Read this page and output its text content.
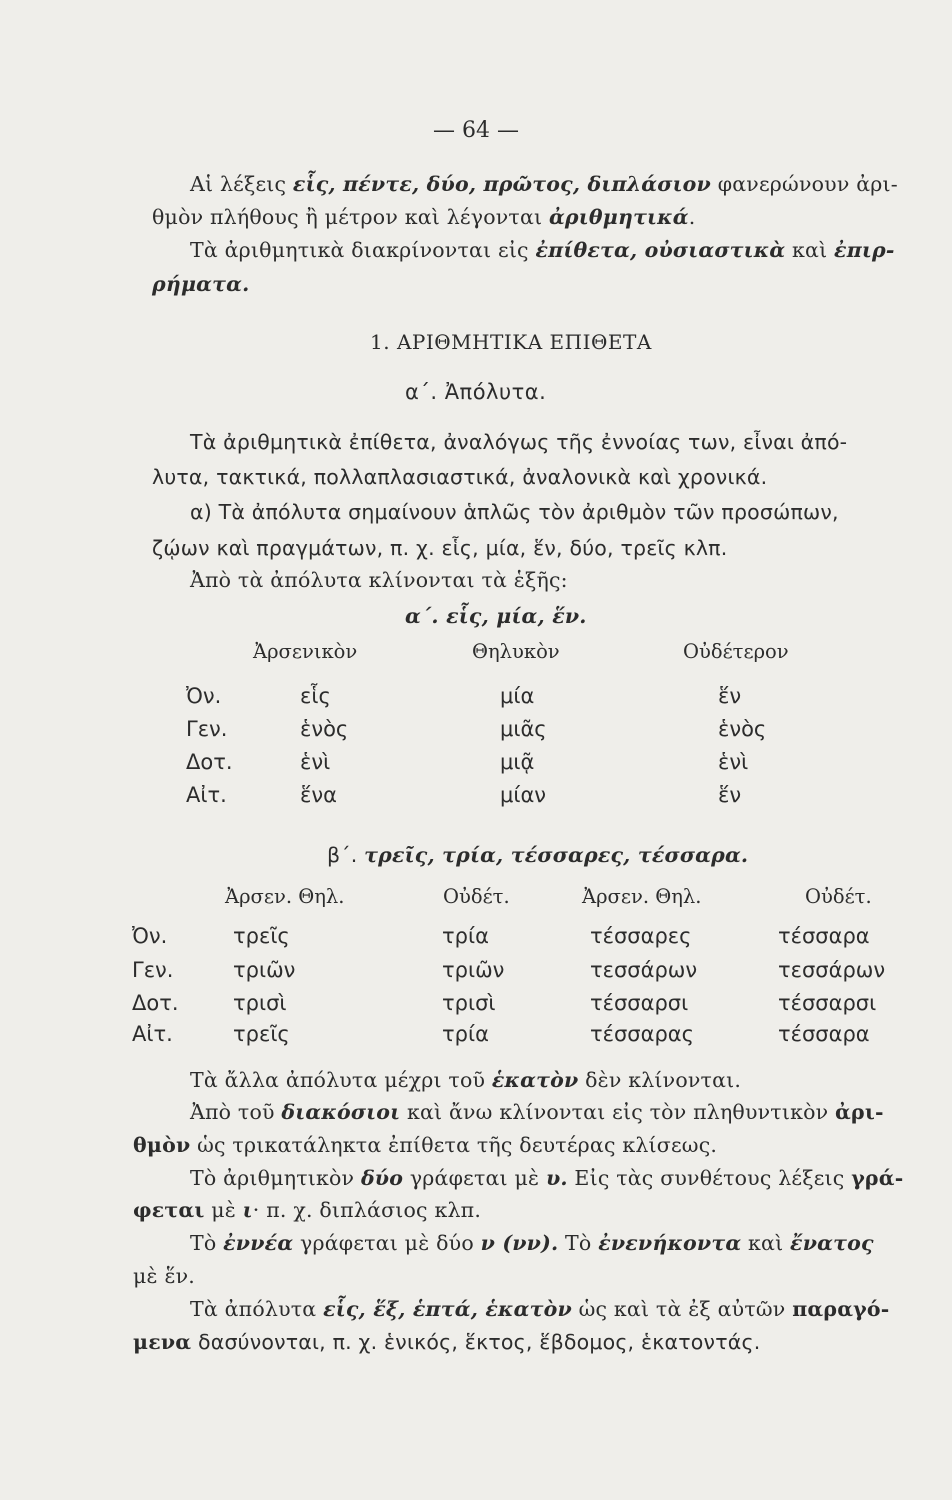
— 64 —
Αἱ λέξεις εἷς, πέντε, δύο, πρῶτος, διπλάσιον φανερώνουν ἀρι-
θμὸν πλήθους ἢ μέτρον καὶ λέγονται ἀριθμητικά.
Τὰ ἀριθμητικὰ διακρίνονται εἰς ἐπίθετα, οὐσιαστικὰ καὶ ἐπιρ-
ρήματα.
1. ΑΡΙΘΜΗΤΙΚΑ ΕΠΙΘΕΤΑ
α΄. Ἀπόλυτα.
Τὰ ἀριθμητικὰ ἐπίθετα, ἀναλόγως τῆς ἐννοίας των, εἶναι ἀπό-
λυτα, τακτικά, πολλαπλασιαστικά, ἀναλονικὰ καὶ χρονικά.
α) Τὰ ἀπόλυτα σημαίνουν ἁπλῶς τὸν ἀριθμὸν τῶν προσώπων,
ζῴων καὶ πραγμάτων, π. χ. εἷς, μία, ἕν, δύο, τρεῖς κλπ.
Ἀπὸ τὰ ἀπόλυτα κλίνονται τὰ ἑξῆς:
α΄. εἷς, μία, ἕν.
Ἀρσενικὸν	Θηλυκὸν	Οὐδέτερον
Ὀν.	εἷς	μία	ἕν
Γεν.	ἑνὸς	μιᾶς	ἑνὸς
Δοτ.	ἑνὶ	μιᾷ	ἑνὶ
Αἰτ.	ἕνα	μίαν	ἕν
β΄. τρεῖς, τρία, τέσσαρες, τέσσαρα.
Ἀρσεν. Θηλ.	Οὐδέτ.	Ἀρσεν. Θηλ.	Οὐδέτ.
Ὀν.	τρεῖς	τρία	τέσσαρες	τέσσαρα
Γεν.	τριῶν	τριῶν	τεσσάρων	τεσσάρων
Δοτ.	τρισὶ	τρισὶ	τέσσαρσι	τέσσαρσι
Αἰτ.	τρεῖς	τρία	τέσσαρας	τέσσαρα
Τὰ ἄλλα ἀπόλυτα μέχρι τοῦ ἑκατὸν δὲν κλίνονται.
Ἀπὸ τοῦ διακόσιοι καὶ ἄνω κλίνονται εἰς τὸν πληθυντικὸν ἀρι-
θμὸν ὡς τρικατάληκτα ἐπίθετα τῆς δευτέρας κλίσεως.
Τὸ ἀριθμητικὸν δύο γράφεται μὲ υ. Εἰς τὰς συνθέτους λέξεις γρά-
φεται μὲ ι· π. χ. διπλάσιος κλπ.
Τὸ ἐννέα γράφεται μὲ δύο ν (νν). Τὸ ἐνενήκοντα καὶ ἔνατος
μὲ ἕν.
Τὰ ἀπόλυτα εἷς, ἕξ, ἑπτά, ἑκατὸν ὡς καὶ τὰ ἐξ αὐτῶν παραγό-
μενα δασύνονται, π. χ. ἑνικός, ἕκτος, ἕβδομος, ἑκατοντάς.
